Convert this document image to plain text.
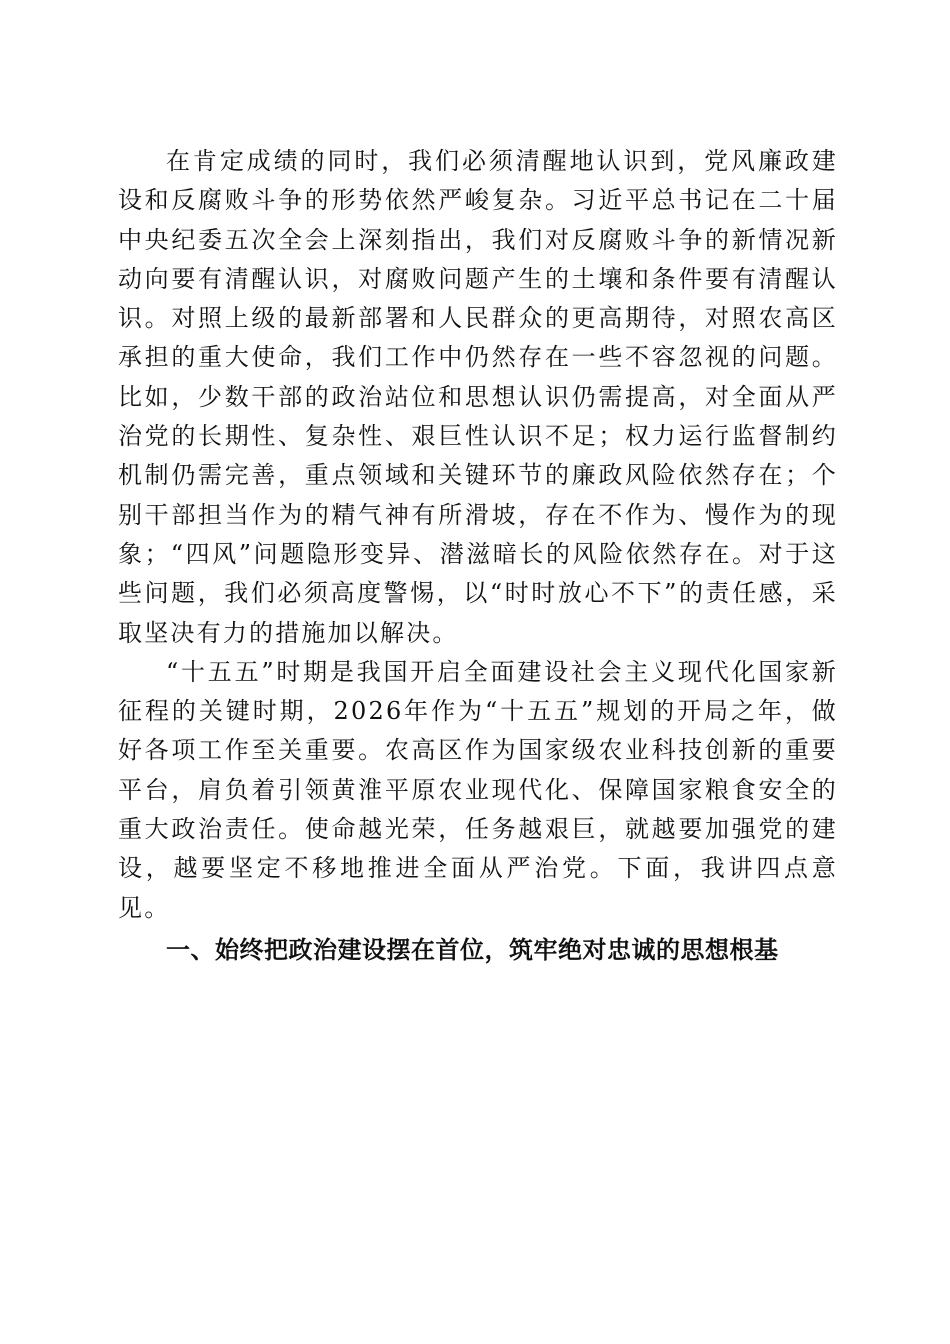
在肯定成绩的同时，我们必须清醒地认识到，党风廉政建设和反腐败斗争的形势依然严峻复杂。习近平总书记在二十届中央纪委五次全会上深刻指出，我们对反腐败斗争的新情况新动向要有清醒认识，对腐败问题产生的土壤和条件要有清醒认识。对照上级的最新部署和人民群众的更高期待，对照农高区承担的重大使命，我们工作中仍然存在一些不容忽视的问题。比如，少数干部的政治站位和思想认识仍需提高，对全面从严治党的长期性、复杂性、艰巨性认识不足；权力运行监督制约机制仍需完善，重点领域和关键环节的廉政风险依然存在；个别干部担当作为的精气神有所滑坡，存在不作为、慢作为的现象；“四风”问题隐形变异、潜滋暗长的风险依然存在。对于这些问题，我们必须高度警惕，以“时时放心不下”的责任感，采取坚决有力的措施加以解决。

“十五五”时期是我国开启全面建设社会主义现代化国家新征程的关键时期，2026年作为“十五五”规划的开局之年，做好各项工作至关重要。农高区作为国家级农业科技创新的重要平台，肩负着引领黄淮平原农业现代化、保障国家粮食安全的重大政治责任。使命越光荣，任务越艰巨，就越要加强党的建设，越要坚定不移地推进全面从严治党。下面，我讲四点意见。

一、始终把政治建设摆在首位，筑牢绝对忠诚的思想根基
